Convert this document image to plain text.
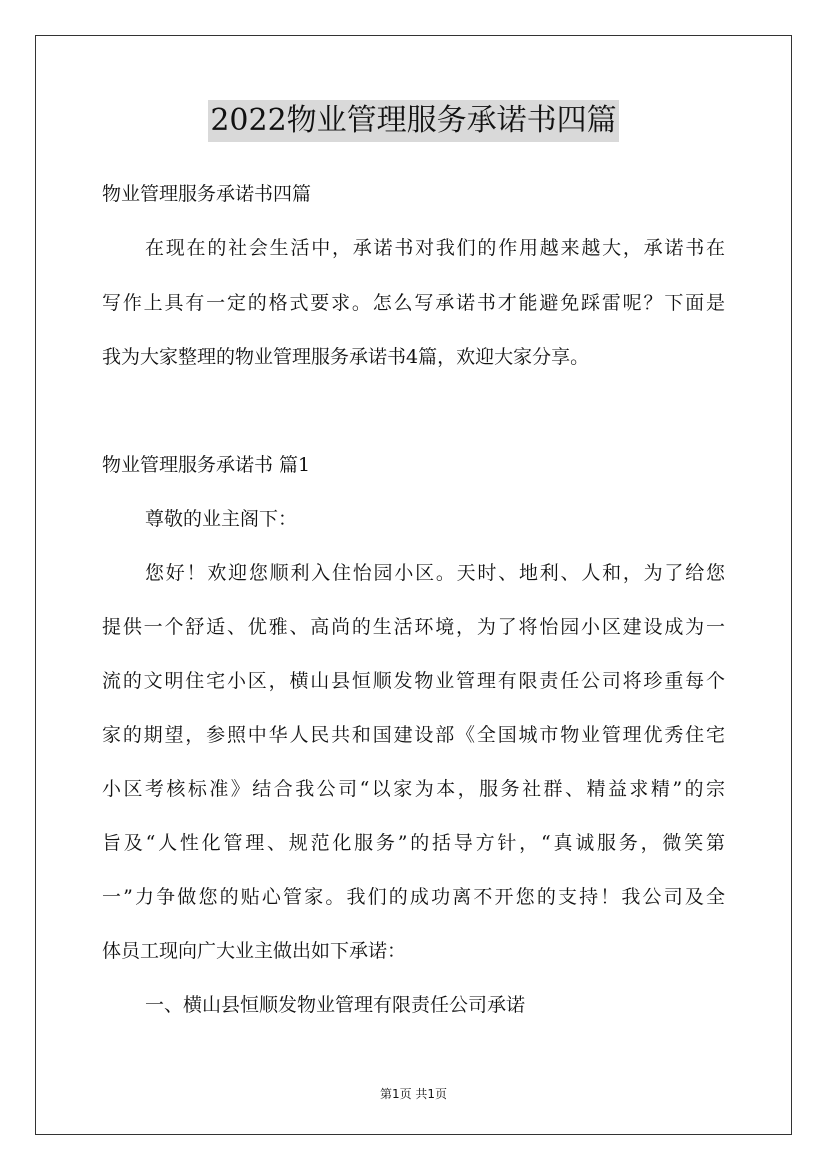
2022物业管理服务承诺书四篇

物业管理服务承诺书四篇

在现在的社会生活中，承诺书对我们的作用越来越大，承诺书在

写作上具有一定的格式要求。怎么写承诺书才能避免踩雷呢？下面是

我为大家整理的物业管理服务承诺书4篇，欢迎大家分享。

物业管理服务承诺书 篇1

尊敬的业主阁下：

您好！欢迎您顺利入住怡园小区。天时、地利、人和，为了给您

提供一个舒适、优雅、高尚的生活环境，为了将怡园小区建设成为一

流的文明住宅小区，横山县恒顺发物业管理有限责任公司将珍重每个

家的期望，参照中华人民共和国建设部《全国城市物业管理优秀住宅

小区考核标准》结合我公司“以家为本，服务社群、精益求精”的宗

旨及“人性化管理、规范化服务”的括导方针，“真诚服务，微笑第

一”力争做您的贴心管家。我们的成功离不开您的支持！我公司及全

体员工现向广大业主做出如下承诺：

一、横山县恒顺发物业管理有限责任公司承诺

第1页 共1页
